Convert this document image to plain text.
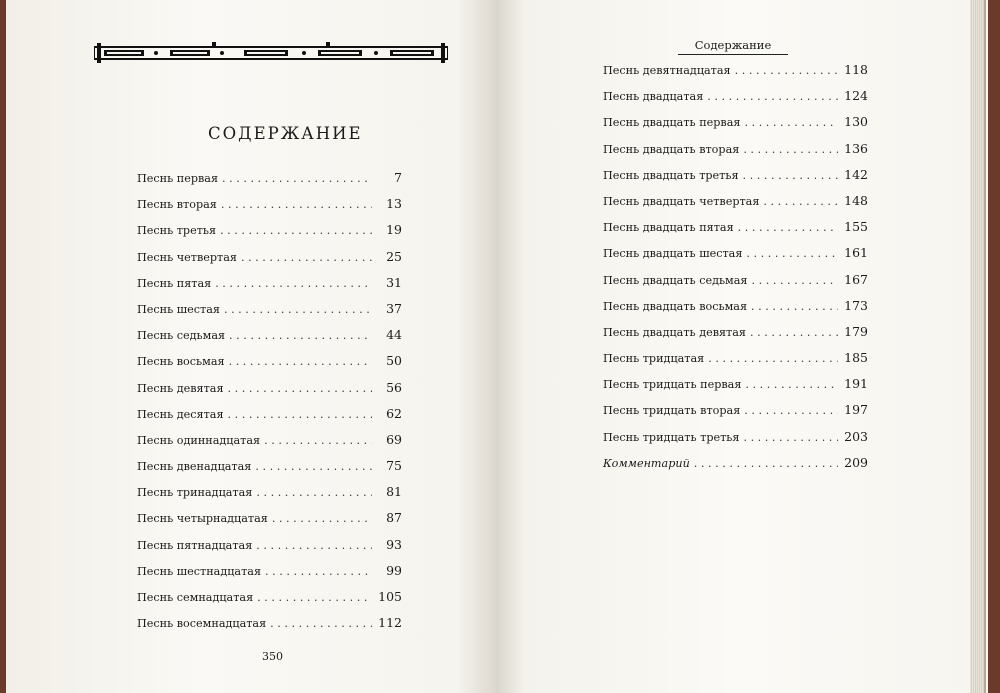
СОДЕРЖАНИЕ
Песнь первая . . .	7
Песнь вторая . . .	13
Песнь третья . . .	19
Песнь четвертая . . .	25
Песнь пятая . . .	31
Песнь шестая . . .	37
Песнь седьмая . . .	44
Песнь восьмая . . .	50
Песнь девятая . . .	56
Песнь десятая . . .	62
Песнь одиннадцатая . . .	69
Песнь двенадцатая . . .	75
Песнь тринадцатая . . .	81
Песнь четырнадцатая . . .	87
Песнь пятнадцатая . . .	93
Песнь шестнадцатая . . .	99
Песнь семнадцатая . . .	105
Песнь восемнадцатая . . .	112
350
Содержание
Песнь девятнадцатая . . .	118
Песнь двадцатая . . .	124
Песнь двадцать первая . . .	130
Песнь двадцать вторая . . .	136
Песнь двадцать третья . . .	142
Песнь двадцать четвертая . . .	148
Песнь двадцать пятая . . .	155
Песнь двадцать шестая . . .	161
Песнь двадцать седьмая . . .	167
Песнь двадцать восьмая . . .	173
Песнь двадцать девятая . . .	179
Песнь тридцатая . . .	185
Песнь тридцать первая . . .	191
Песнь тридцать вторая . . .	197
Песнь тридцать третья . . .	203
Комментарий . . .	209
